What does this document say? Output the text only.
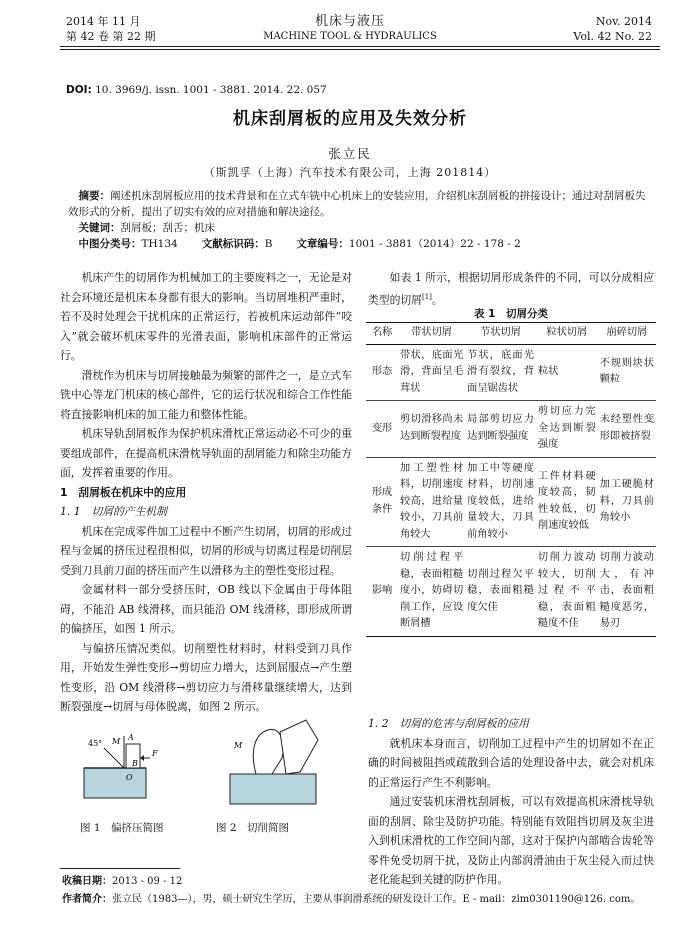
2014 年 11 月
第 42 卷 第 22 期
机床与液压
MACHINE TOOL & HYDRAULICS
Nov. 2014
Vol. 42 No. 22
DOI: 10. 3969/j. issn. 1001 - 3881. 2014. 22. 057
机床刮屑板的应用及失效分析
张立民
（斯凯孚（上海）汽车技术有限公司，上海 201814）
摘要：阐述机床刮屑板应用的技术背景和在立式车铣中心机床上的安装应用，介绍机床刮屑板的拼接设计；通过对刮屑板失效形式的分析，提出了切实有效的应对措施和解决途径。
关键词：刮屑板；刮舌；机床
中图分类号：TH134 文献标识码：B 文章编号：1001 - 3881（2014）22 - 178 - 2

机床产生的切屑作为机械加工的主要废料之一，无论是对社会环境还是机床本身都有很大的影响。当切屑堆积严重时，若不及时处理会干扰机床的正常运行，若被机床运动部件“咬入”就会破坏机床零件的光滑表面，影响机床部件的正常运行。

滑枕作为机床与切屑接触最为频繁的部件之一，是立式车铣中心等龙门机床的核心部件，它的运行状况和综合工作性能将直接影响机床的加工能力和整体性能。

机床导轨刮屑板作为保护机床滑枕正常运动必不可少的重要组成部件，在提高机床滑枕导轨面的刮屑能力和除尘功能方面，发挥着重要的作用。

1　刮屑板在机床中的应用

1. 1　切屑的产生机制

机床在完成零件加工过程中不断产生切屑，切屑的形成过程与金属的挤压过程很相似，切屑的形成与切离过程是切削层受到刀具前刀面的挤压而产生以滑移为主的塑性变形过程。

金属材料一部分受挤压时，OB 线以下金属由于母体阻碍，不能沿 AB 线滑移，而只能沿 OM 线滑移，即形成所谓的偏挤压，如图 1 所示。

与偏挤压情况类似。切削塑性材料时，材料受到刀具作用，开始发生弹性变形→剪切应力增大，达到屈服点→产生塑性变形，沿 OM 线滑移→剪切应力与滑移量继续增大，达到断裂强度→切屑与母体脱离，如图 2 所示。

45° M A
F
B
O
M
图 1　偏挤压简图	图 2　切削简图

如表 1 所示，根据切屑形成条件的不同，可以分成相应类型的切屑[1]。

表 1　切屑分类
名称	带状切屑	节状切屑	粒状切屑	崩碎切屑
形态	带状，底面光滑，背面呈毛茸状	节状，底面光滑有裂纹，背面呈锯齿状	粒状	不规则块状颗粒
变形	剪切滑移尚未达到断裂程度	局部剪切应力达到断裂强度	剪切应力完全达到断裂强度	未经塑性变形即被挤裂
形成条件	加工塑性材料，切削速度较高，进给量较小，刀具前角较大	加工中等硬度材料，切削速度较低，进给量较大，刀具前角较小	工件材料硬度较高，韧性较低，切削速度较低	加工硬脆材料，刀具前角较小
影响	切削过程平稳，表面粗糙度小，妨碍切削工作，应设断屑槽	切削过程欠平稳，表面粗糙度欠佳	切削力波动较大，切削过程不平稳，表面粗糙度不佳	切削力波动大，有冲击，表面粗糙度恶劣，易刃

1. 2　切屑的危害与刮屑板的应用

就机床本身而言，切削加工过程中产生的切屑如不在正确的时间被阻挡或疏散到合适的处理设备中去，就会对机床的正常运行产生不利影响。

通过安装机床滑枕刮屑板，可以有效提高机床滑枕导轨面的刮屑、除尘及防护功能。特别能有效阻挡切屑及灰尘进入到机床滑枕的工作空间内部，这对于保护内部啮合齿轮等零件免受切屑干扰，及防止内部润滑油由于灰尘侵入而过快老化能起到关键的防护作用。

收稿日期：2013 - 09 - 12
作者简介：张立民（1983—），男，硕士研究生学历，主要从事润滑系统的研发设计工作。E - mail：zlm0301190@126. com。
